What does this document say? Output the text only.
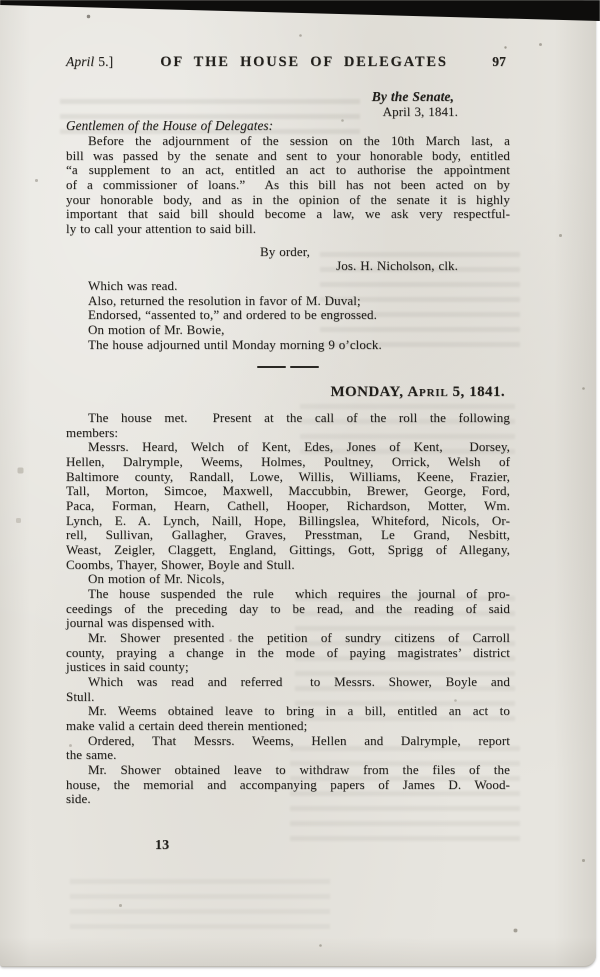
April 5.]	OF THE HOUSE OF DELEGATES	97
By the Senate,
April 3, 1841.
Gentlemen of the House of Delegates:
Before the adjournment of the session on the 10th March last, a
bill was passed by the senate and sent to your honorable body, entitled
“a supplement to an act, entitled an act to authorise the appointment
of a commissioner of loans.”  As this bill has not been acted on by
your honorable body, and as in the opinion of the senate it is highly
important that said bill should become a law, we ask very respectful-
ly to call your attention to said bill.
By order,
Jos. H. Nicholson, clk.
Which was read.
Also, returned the resolution in favor of M. Duval;
Endorsed, “assented to,” and ordered to be engrossed.
On motion of Mr. Bowie,
The house adjourned until Monday morning 9 o’clock.
MONDAY, April 5, 1841.
The house met.  Present at the call of the roll the following
members:
Messrs. Heard, Welch of Kent, Edes, Jones of Kent,  Dorsey,
Hellen, Dalrymple, Weems, Holmes, Poultney, Orrick, Welsh of
Baltimore county, Randall, Lowe, Willis, Williams, Keene, Frazier,
Tall, Morton, Simcoe, Maxwell, Maccubbin, Brewer, George, Ford,
Paca, Forman, Hearn, Cathell, Hooper, Richardson, Motter, Wm.
Lynch, E. A. Lynch, Naill, Hope, Billingslea, Whiteford, Nicols, Or-
rell, Sullivan, Gallagher, Graves, Presstman, Le Grand, Nesbitt,
Weast, Zeigler, Claggett, England, Gittings, Gott, Sprigg of Allegany,
Coombs, Thayer, Shower, Boyle and Stull.
On motion of Mr. Nicols,
The house suspended the rule  which requires the journal of pro-
ceedings of the preceding day to be read, and the reading of said
journal was dispensed with.
Mr. Shower presented the petition of sundry citizens of Carroll
county, praying a change in the mode of paying magistrates’ district
justices in said county;
Which was read and referred  to Messrs. Shower, Boyle and
Stull.
Mr. Weems obtained leave to bring in a bill, entitled an act to
make valid a certain deed therein mentioned;
Ordered, That Messrs. Weems, Hellen and Dalrymple, report
the same.
Mr. Shower obtained leave to withdraw from the files of the
house, the memorial and accompanying papers of James D. Wood-
side.
13
